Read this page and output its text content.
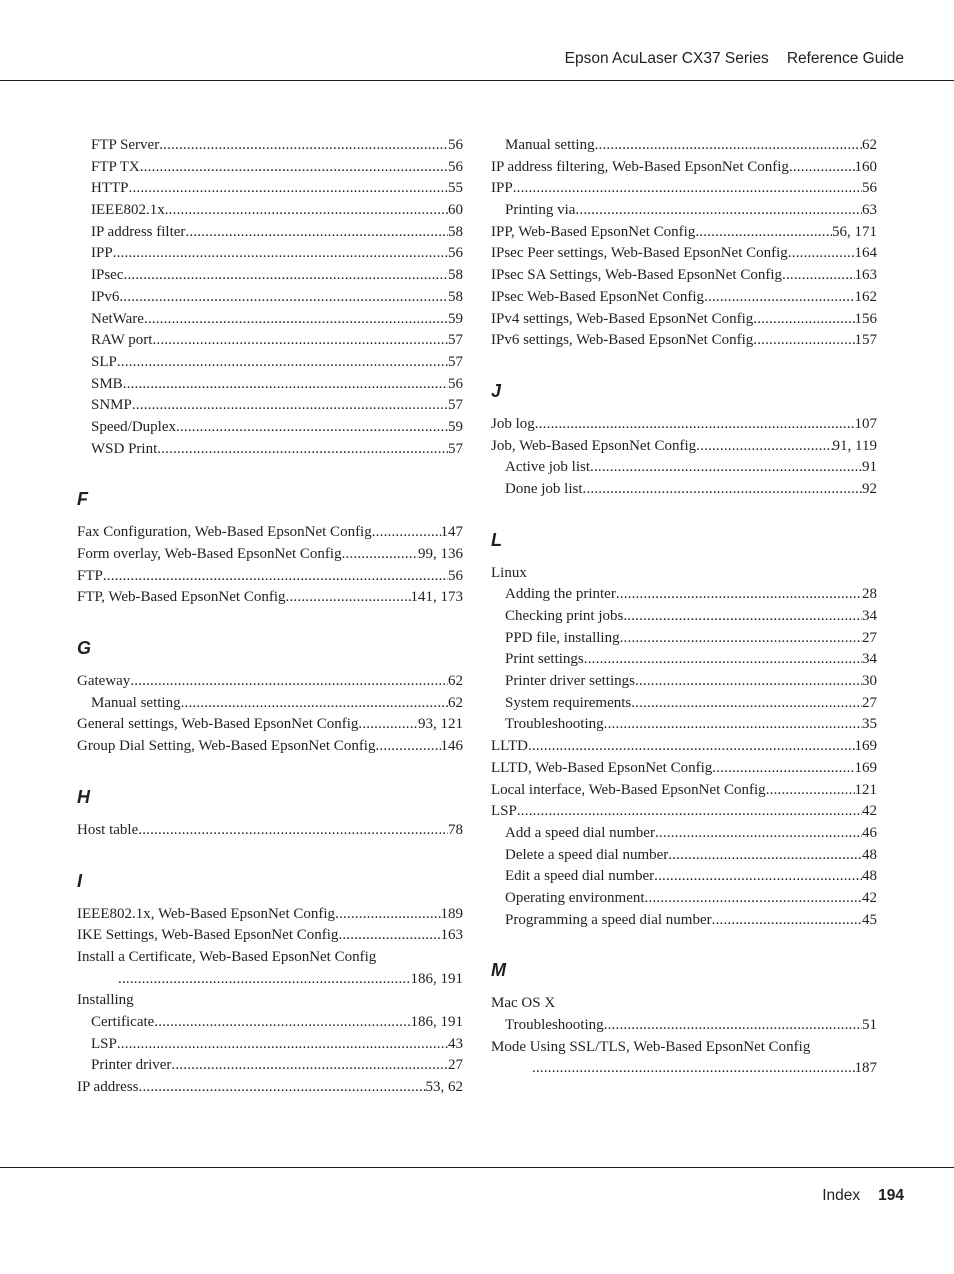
Epson AcuLaser CX37 Series Reference Guide
FTP Server .....	56
FTP TX .....	56
HTTP .....	55
IEEE802.1x .....	60
IP address filter .....	58
IPP .....	56
IPsec .....	58
IPv6 .....	58
NetWare .....	59
RAW port .....	57
SLP .....	57
SMB .....	56
SNMP .....	57
Speed/Duplex .....	59
WSD Print .....	57
F
Fax Configuration, Web-Based EpsonNet Config .....	147
Form overlay, Web-Based EpsonNet Config .....	99, 136
FTP .....	56
FTP, Web-Based EpsonNet Config .....	141, 173
G
Gateway .....	62
Manual setting .....	62
General settings, Web-Based EpsonNet Config .....	93, 121
Group Dial Setting, Web-Based EpsonNet Config .....	146
H
Host table .....	78
I
IEEE802.1x, Web-Based EpsonNet Config .....	189
IKE Settings, Web-Based EpsonNet Config .....	163
Install a Certificate, Web-Based EpsonNet Config
.....
186, 191
Installing
Certificate .....	186, 191
LSP .....	43
Printer driver .....	27
IP address .....	53, 62
Manual setting .....	62
IP address filtering, Web-Based EpsonNet Config .....	160
IPP .....	56
Printing via .....	63
IPP, Web-Based EpsonNet Config .....	56, 171
IPsec Peer settings, Web-Based EpsonNet Config .....	164
IPsec SA Settings, Web-Based EpsonNet Config .....	163
IPsec Web-Based EpsonNet Config .....	162
IPv4 settings, Web-Based EpsonNet Config .....	156
IPv6 settings, Web-Based EpsonNet Config .....	157
J
Job log .....	107
Job, Web-Based EpsonNet Config .....	91, 119
Active job list .....	91
Done job list .....	92
L
Linux
Adding the printer .....	28
Checking print jobs .....	34
PPD file, installing .....	27
Print settings .....	34
Printer driver settings .....	30
System requirements .....	27
Troubleshooting .....	35
LLTD .....	169
LLTD, Web-Based EpsonNet Config .....	169
Local interface, Web-Based EpsonNet Config .....	121
LSP .....	42
Add a speed dial number .....	46
Delete a speed dial number .....	48
Edit a speed dial number .....	48
Operating environment .....	42
Programming a speed dial number .....	45
M
Mac OS X
Troubleshooting .....	51
Mode Using SSL/TLS, Web-Based EpsonNet Config
.....
187
Index 194
